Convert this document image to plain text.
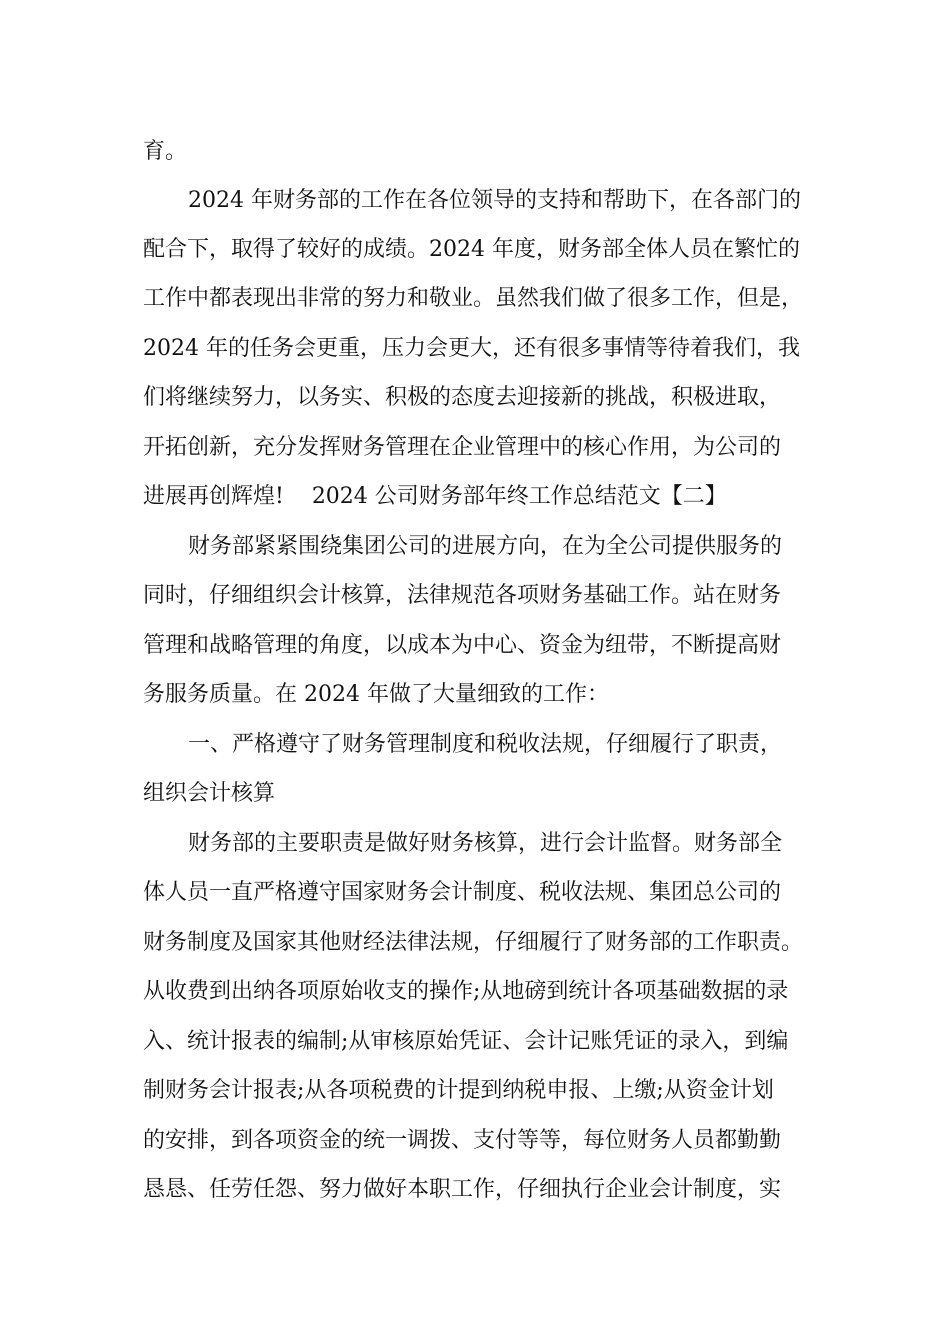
育。
2024 年财务部的工作在各位领导的支持和帮助下，在各部门的
配合下，取得了较好的成绩。2024 年度，财务部全体人员在繁忙的
工作中都表现出非常的努力和敬业。虽然我们做了很多工作，但是，
2024 年的任务会更重，压力会更大，还有很多事情等待着我们，我
们将继续努力，以务实、积极的态度去迎接新的挑战，积极进取，
开拓创新，充分发挥财务管理在企业管理中的核心作用，为公司的
进展再创辉煌!    2024 公司财务部年终工作总结范文【二】
财务部紧紧围绕集团公司的进展方向，在为全公司提供服务的
同时，仔细组织会计核算，法律规范各项财务基础工作。站在财务
管理和战略管理的角度，以成本为中心、资金为纽带，不断提高财
务服务质量。在 2024 年做了大量细致的工作：
一、严格遵守了财务管理制度和税收法规，仔细履行了职责，
组织会计核算
财务部的主要职责是做好财务核算，进行会计监督。财务部全
体人员一直严格遵守国家财务会计制度、税收法规、集团总公司的
财务制度及国家其他财经法律法规，仔细履行了财务部的工作职责。
从收费到出纳各项原始收支的操作;从地磅到统计各项基础数据的录
入、统计报表的编制;从审核原始凭证、会计记账凭证的录入，到编
制财务会计报表;从各项税费的计提到纳税申报、上缴;从资金计划
的安排，到各项资金的统一调拨、支付等等，每位财务人员都勤勤
恳恳、任劳任怨、努力做好本职工作，仔细执行企业会计制度，实
